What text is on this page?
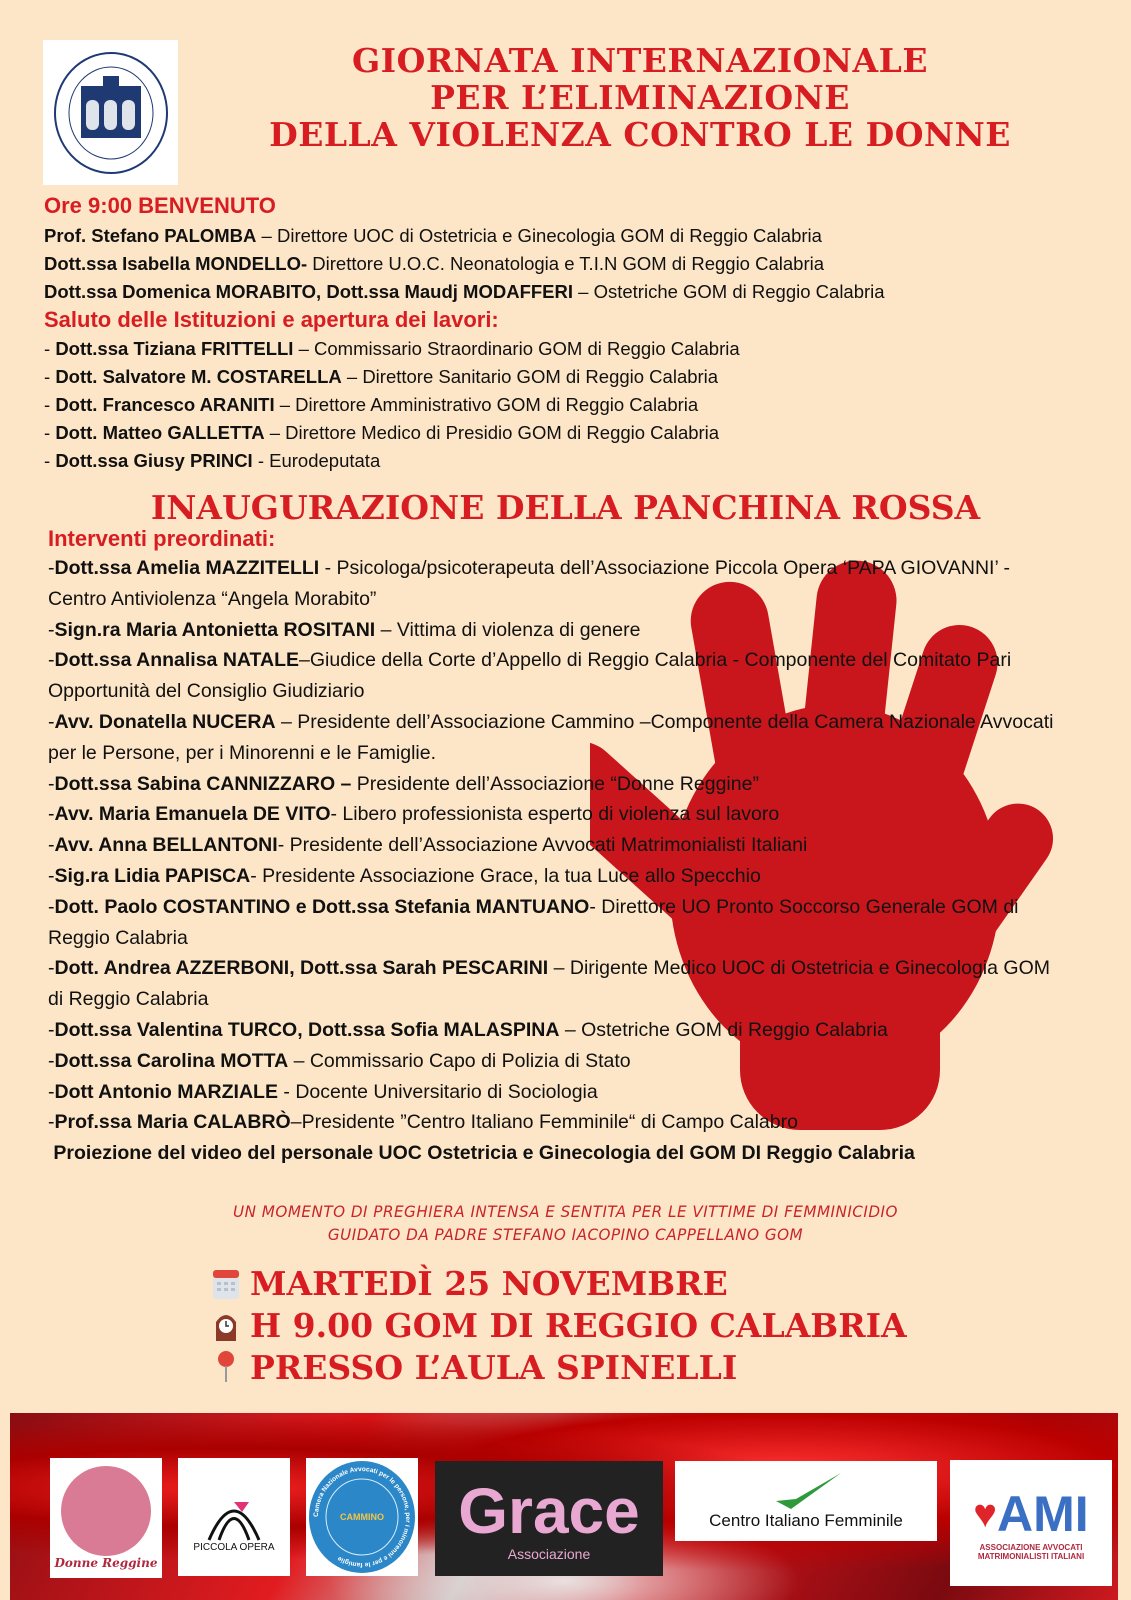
GIORNATA INTERNAZIONALE
PER L’ELIMINAZIONE
DELLA VIOLENZA CONTRO LE DONNE
Ore 9:00 BENVENUTO
Prof. Stefano PALOMBA – Direttore UOC di Ostetricia e Ginecologia GOM di Reggio Calabria
Dott.ssa Isabella MONDELLO- Direttore U.O.C. Neonatologia e T.I.N GOM di Reggio Calabria
Dott.ssa Domenica MORABITO, Dott.ssa Maudj MODAFFERI – Ostetriche GOM di Reggio Calabria
Saluto delle Istituzioni e apertura dei lavori:
- Dott.ssa Tiziana FRITTELLI – Commissario Straordinario GOM di Reggio Calabria
- Dott. Salvatore M. COSTARELLA – Direttore Sanitario GOM di Reggio Calabria
- Dott. Francesco ARANITI – Direttore Amministrativo GOM di Reggio Calabria
- Dott. Matteo GALLETTA – Direttore Medico di Presidio GOM di Reggio Calabria
- Dott.ssa Giusy PRINCI - Eurodeputata
INAUGURAZIONE DELLA PANCHINA ROSSA
Interventi preordinati:
-Dott.ssa Amelia MAZZITELLI - Psicologa/psicoterapeuta dell’Associazione Piccola Opera ‘PAPA GIOVANNI’ - Centro Antiviolenza “Angela Morabito”
-Sign.ra Maria Antonietta ROSITANI – Vittima di violenza di genere
-Dott.ssa Annalisa NATALE–Giudice della Corte d’Appello di Reggio Calabria - Componente del Comitato Pari Opportunità del Consiglio Giudiziario
-Avv. Donatella NUCERA – Presidente dell’Associazione Cammino –Componente della Camera Nazionale Avvocati per le Persone, per i Minorenni e le Famiglie.
-Dott.ssa Sabina CANNIZZARO – Presidente dell’Associazione “Donne Reggine”
-Avv. Maria Emanuela DE VITO- Libero professionista esperto di violenza sul lavoro
-Avv. Anna BELLANTONI- Presidente dell’Associazione Avvocati Matrimonialisti Italiani
-Sig.ra Lidia PAPISCA- Presidente Associazione Grace, la tua Luce allo Specchio
-Dott. Paolo COSTANTINO e Dott.ssa Stefania MANTUANO- Direttore UO Pronto Soccorso Generale GOM di Reggio Calabria
-Dott. Andrea AZZERBONI, Dott.ssa Sarah PESCARINI – Dirigente Medico UOC di Ostetricia e Ginecologia GOM di Reggio Calabria
-Dott.ssa Valentina TURCO, Dott.ssa Sofia MALASPINA – Ostetriche GOM di Reggio Calabria
-Dott.ssa Carolina MOTTA – Commissario Capo di Polizia di Stato
-Dott Antonio MARZIALE - Docente Universitario di Sociologia
-Prof.ssa Maria CALABRÒ–Presidente ”Centro Italiano Femminile“ di Campo Calabro
Proiezione del video del personale UOC Ostetricia e Ginecologia del GOM DI Reggio Calabria
UN MOMENTO DI PREGHIERA INTENSA E SENTITA PER LE VITTIME DI FEMMINICIDIO
GUIDATO DA PADRE STEFANO IACOPINO CAPPELLANO GOM
MARTEDÌ 25 NOVEMBRE
H 9.00 GOM DI REGGIO CALABRIA
PRESSO L’AULA SPINELLI
Donne Reggine
PICCOLA OPERA
Camera Nazionale Avvocati per le persone, per i minorenni e per le famiglie
CAMMINO Grace
Associazione
Centro Italiano Femminile ♥ AMI
ASSOCIAZIONE AVVOCATI MATRIMONIALISTI ITALIANI
